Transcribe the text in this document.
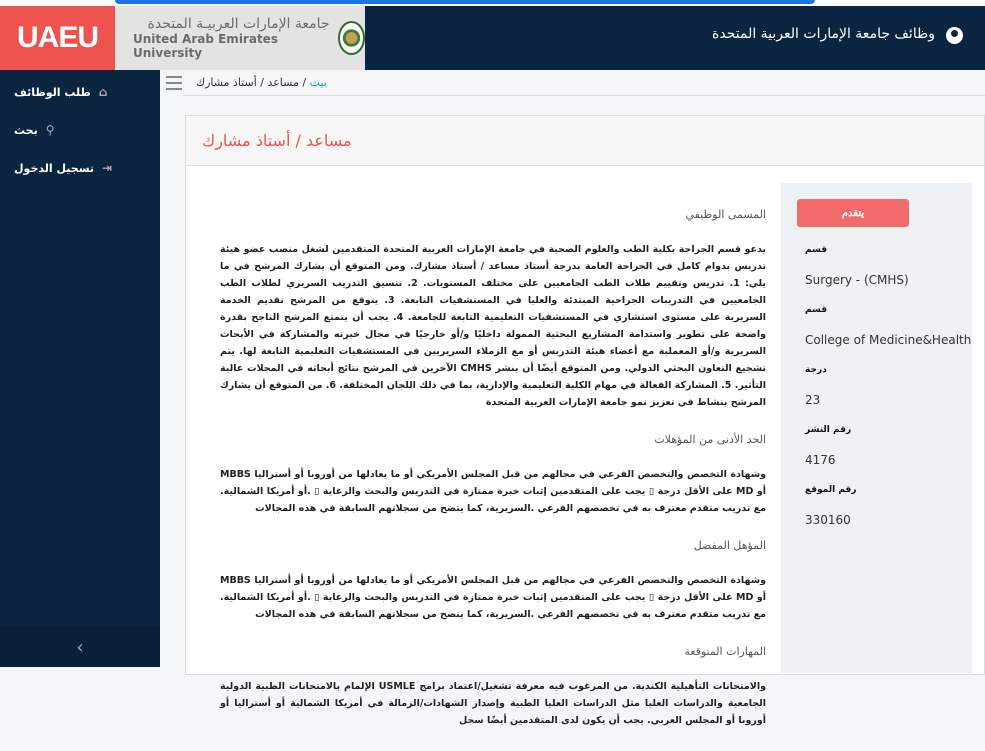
UAEU	جامعة الإمارات العربيـة المتحدة
United Arab Emirates University
وظائف جامعة الإمارات العربية المتحدة
طلب الوظائف ⌂
بحث ⚲
تسجيل الدخول ⇥
‹
بيت / مساعد / أستاذ مشارك
مساعد / أستاذ مشارك
المسمى الوظيفي

يدعو قسم الجراحة بكلية الطب والعلوم الصحية في جامعة الإمارات العربية المتحدة المتقدمين لشغل منصب عضو هيئة تدريس بدوام كامل في الجراحة العامة بدرجة أستاذ مساعد / أستاذ مشارك. ومن المتوقع أن يشارك المرشح في ما يلي: 1. تدريس وتقييم طلاب الطب الجامعيين على مختلف المستويات. 2. تنسيق التدريب السريري لطلاب الطب الجامعيين في التدريبات الجراحية المبتدئة والعليا في المستشفيات التابعة. 3. يتوقع من المرشح تقديم الخدمة السريرية على مستوى استشاري في المستشفيات التعليمية التابعة للجامعة. 4. يجب أن يتمتع المرشح الناجح بقدرة واضحة على تطوير واستدامة المشاريع البحثية الممولة داخليًا و/أو خارجيًا في مجال خبرته والمشاركة في الأبحاث السريرية و/أو المعملية مع أعضاء هيئة التدريس أو مع الزملاء السريريين في المستشفيات التعليمية التابعة لها. يتم تشجيع التعاون البحثي الدولي. ومن المتوقع أيضًا أن ينشر CMHS الآخرين في المرشح نتائج أبحاثه في المجلات عالية التأثير. 5. المشاركة الفعالة في مهام الكلية التعليمية والإدارية، بما في ذلك اللجان المختلفة. 6. من المتوقع أن يشارك المرشح بنشاط في تعزيز نمو جامعة الإمارات العربية المتحدة

الحد الأدنى من المؤهلات

وشهادة التخصص والتخصص الفرعي في مجالهم من قبل المجلس الأمريكي أو ما يعادلها من أوروبا أو أستراليا MBBS أو MD على الأقل درجة ▯ يجب على المتقدمين إثبات خبرة ممتازة في التدريس والبحث والرعاية ▯ .أو أمريكا الشمالية. مع تدريب متقدم معترف به في تخصصهم الفرعي .السريرية، كما يتضح من سجلاتهم السابقة في هذه المجالات

المؤهل المفضل

وشهادة التخصص والتخصص الفرعي في مجالهم من قبل المجلس الأمريكي أو ما يعادلها من أوروبا أو أستراليا MBBS أو MD على الأقل درجة ▯ يجب على المتقدمين إثبات خبرة ممتازة في التدريس والبحث والرعاية ▯ .أو أمريكا الشمالية. مع تدريب متقدم معترف به في تخصصهم الفرعي .السريرية، كما يتضح من سجلاتهم السابقة في هذه المجالات

المهارات المتوقعة

والامتحانات التأهيلية الكندية. من المرغوب فيه معرفة تشغيل/اعتماد برامج USMLE الإلمام بالامتحانات الطبية الدولية الجامعية والدراسات العليا مثل الدراسات العليا الطبية وإصدار الشهادات/الزمالة في أمريكا الشمالية أو أستراليا أو أوروبا أو المجلس العربي. يجب أن يكون لدى المتقدمين أيضًا سجل

يتقدم
قسم
Surgery - (CMHS)
قسم
College of Medicine&Health
درجة
23
رقم النشر
4176
رقم الموقع
330160
